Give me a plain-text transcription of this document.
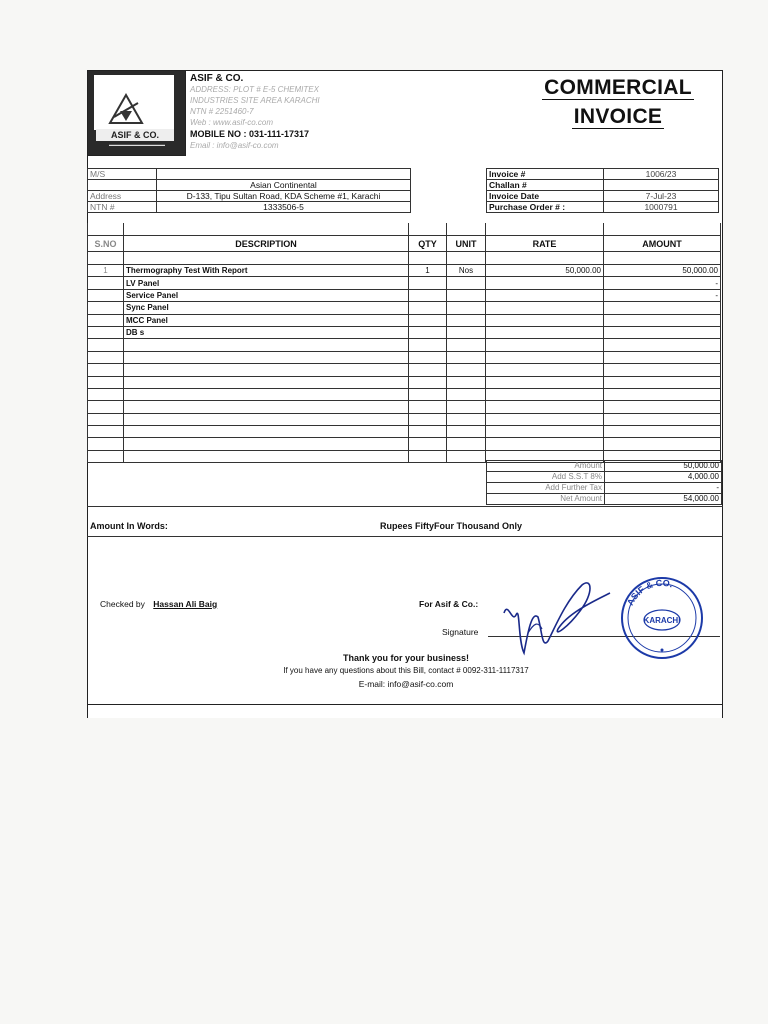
ASIF & CO.
▬▬▬▬▬▬▬▬▬▬▬▬▬▬
ASIF & CO.
ADDRESS: PLOT # E-5 CHEMITEX
INDUSTRIES SITE AREA KARACHI
NTN # 2251460-7
Web : www.asif-co.com
MOBILE NO : 031-111-17317
Email : info@asif-co.com
COMMERCIAL
INVOICE
M/S	
	Asian Continental
Address	D-133, Tipu Sultan Road, KDA Scheme #1, Karachi
NTN #	1333506-5
Invoice #	1006/23
Challan #	
Invoice Date	7-Jul-23
Purchase Order # :	1000791

S.NO	DESCRIPTION	QTY	UNIT	RATE	AMOUNT

1	Thermography Test With Report	1	Nos	50,000.00	50,000.00
	LV Panel				-
	Service Panel				-
	Sync Panel				
	MCC Panel				
	DB s				

Amount	50,000.00
Add S.S.T 8%	4,000.00
Add Further Tax	-
Net Amount	54,000.00
Amount In Words:	Rupees FiftyFour Thousand Only
Checked by Hassan Ali Baig	For Asif & Co.:
Signature
ASIF & CO.
KARACHI
Thank you for your business!
If you have any questions about this Bill, contact # 0092-311-1117317
E-mail: info@asif-co.com
